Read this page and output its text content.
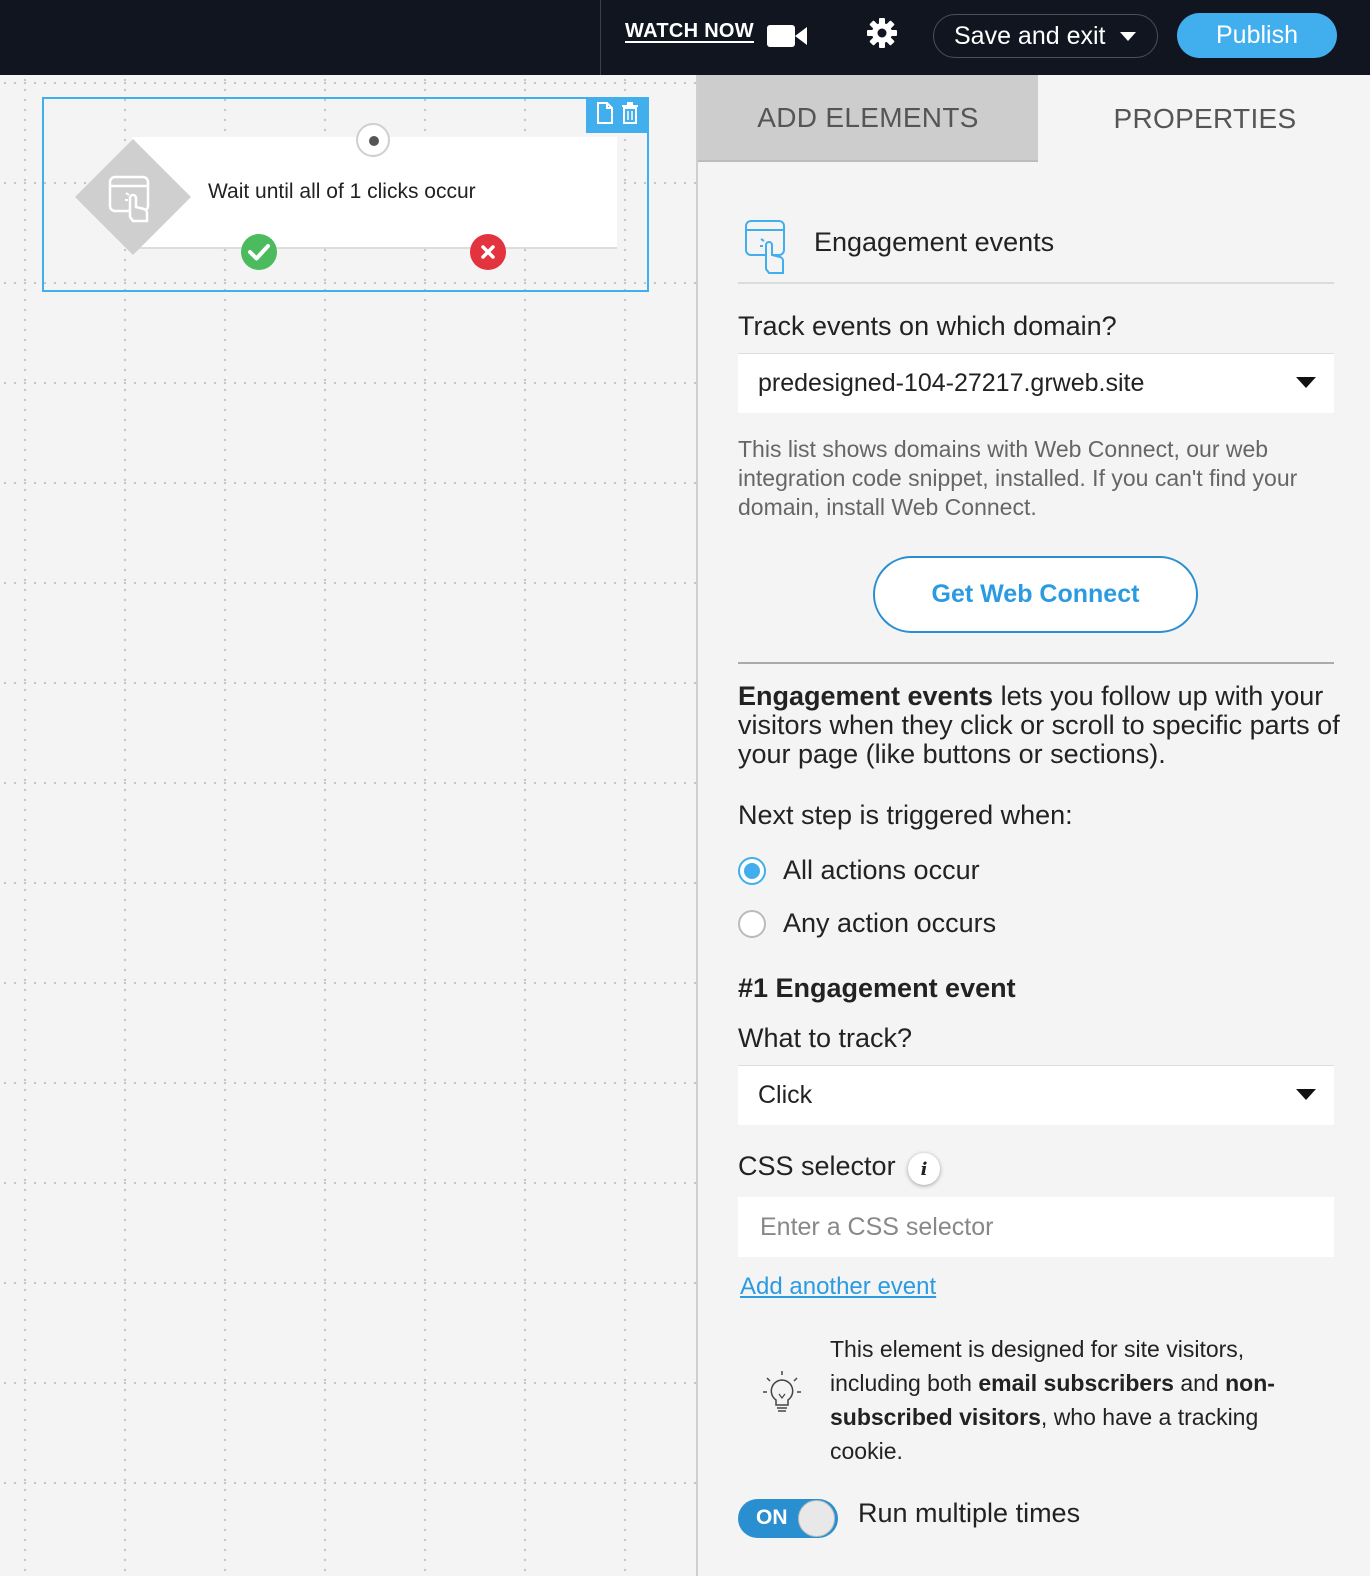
WATCH NOW	Save and exit	Publish
Wait until all of 1 clicks occur
ADD ELEMENTS	PROPERTIES
Engagement events
Track events on which domain?
predesigned-104-27217.grweb.site
This list shows domains with Web Connect, our web integration code snippet, installed. If you can't find your domain, install Web Connect.
Get Web Connect
Engagement events lets you follow up with your visitors when they click or scroll to specific parts of your page (like buttons or sections).
Next step is triggered when:
All actions occur
Any action occurs
#1 Engagement event
What to track?
Click
CSS selector	i
Enter a CSS selector
Add another event
This element is designed for site visitors, including both email subscribers and non-subscribed visitors, who have a tracking cookie.
ON	Run multiple times
